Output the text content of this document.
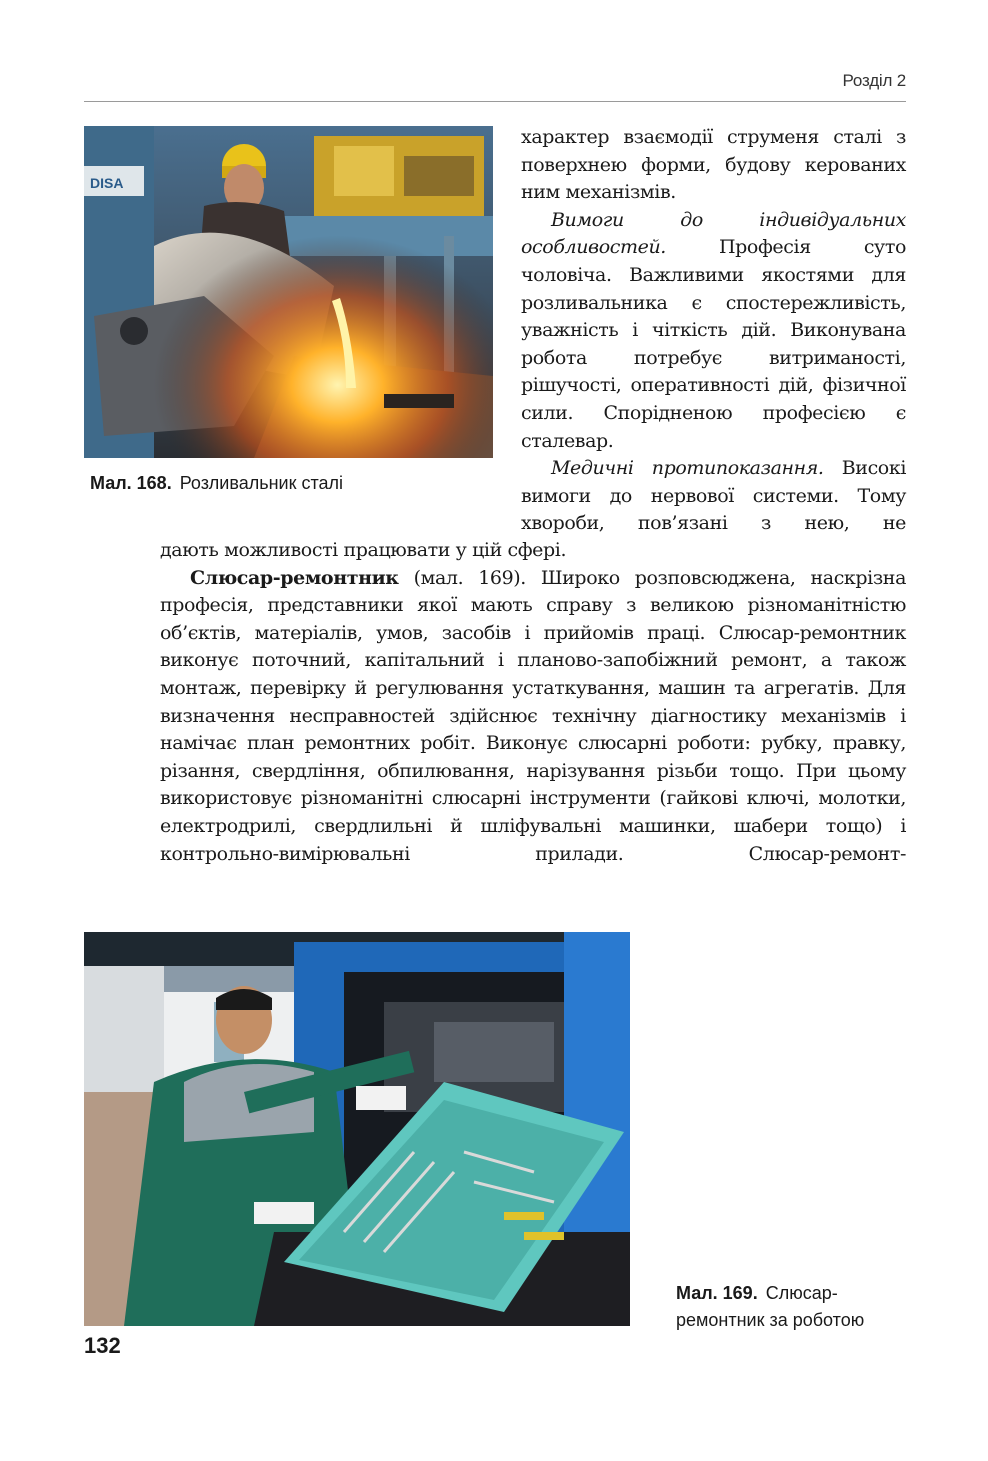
Розділ 2
Мал. 168. Розливальник сталі

характер взаємодії струменя сталі з поверхнею форми, будову керованих ним механізмів.

Вимоги до індивідуальних особливостей. Професія суто чоловіча. Важливими якостями для розливальника є спостережливість, уважність і чіткість дій. Виконувана робота потребує витриманості, рішучості, оперативності дій, фізичної сили. Спорідненою професією є сталевар.

Медичні протипоказання. Високі вимоги до нервової системи. Тому хвороби, пов’язані з нею, не

дають можливості працювати у цій сфері.

Слюсар-ремонтник (мал. 169). Широко розповсюджена, наскрізна професія, представники якої мають справу з великою різноманітністю об’єктів, матеріалів, умов, засобів і прийомів праці. Слюсар-ремонтник виконує поточний, капітальний і планово-запобіжний ремонт, а також монтаж, перевірку й регулювання устаткування, машин та агрегатів. Для визначення несправностей здійснює технічну діагностику механізмів і намічає план ремонтних робіт. Виконує слюсарні роботи: рубку, правку, різання, свердління, обпилювання, нарізування різьби тощо. При цьому використовує різноманітні слюсарні інструменти (гайкові ключі, молотки, електродрилі, свердлильні й шліфувальні машинки, шабери тощо) і контрольно-вимірювальні прилади. Слюсар-ремонт-

Мал. 169. Слюсар-
ремонтник за роботою
132
